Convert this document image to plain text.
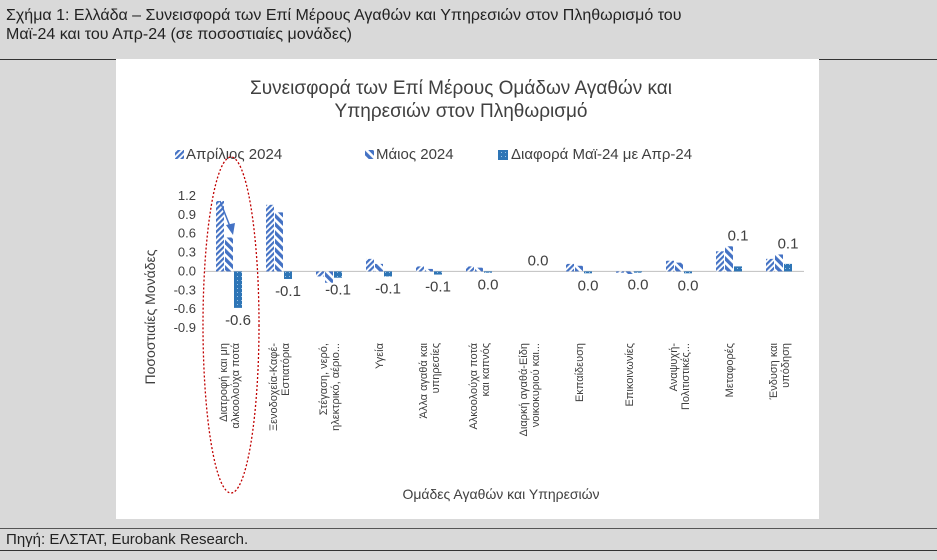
Σχήμα 1: Ελλάδα – Συνεισφορά των Επί Μέρους Αγαθών και Υπηρεσιών στον Πληθωρισμό του
Μαϊ-24 και του Απρ-24 (σε ποσοστιαίες μονάδες)
Συνεισφορά των Επί Μέρους Ομάδων Αγαθών και
Υπηρεσιών στον Πληθωρισμό
Απρίλιος 2024	Μάιος 2024	Διαφορά Μαϊ-24 με Απρ-24
Ποσοστιαίες Μονάδες
Ομάδες Αγαθών και Υπηρεσιών
1.2
0.9
0.6
0.3
0.0
-0.3
-0.6
-0.9 -0.6
-0.1 -0.1 -0.1 -0.1 0.0
0.0
0.0 0.0 0.0
0.1 0.1
Διατροφή και μη αλκοολούχα ποτά Ξενοδοχεία-Καφέ- Εστιατόρια Στέγαση, νερό, ηλεκτρικό, αέριο...	Υγεία	Άλλα αγαθά και υπηρεσίες Αλκοολούχα ποτά και καπνός Διαρκή αγαθά-Είδη νοικοκυριού και...	Εκπαίδευση	Επικοινωνίες	Αναψυχή- Πολιτιστικές...	Μεταφορές	Ένδυση και υπόδηση
Πηγή: ΕΛΣΤΑΤ, Eurobank Research.
